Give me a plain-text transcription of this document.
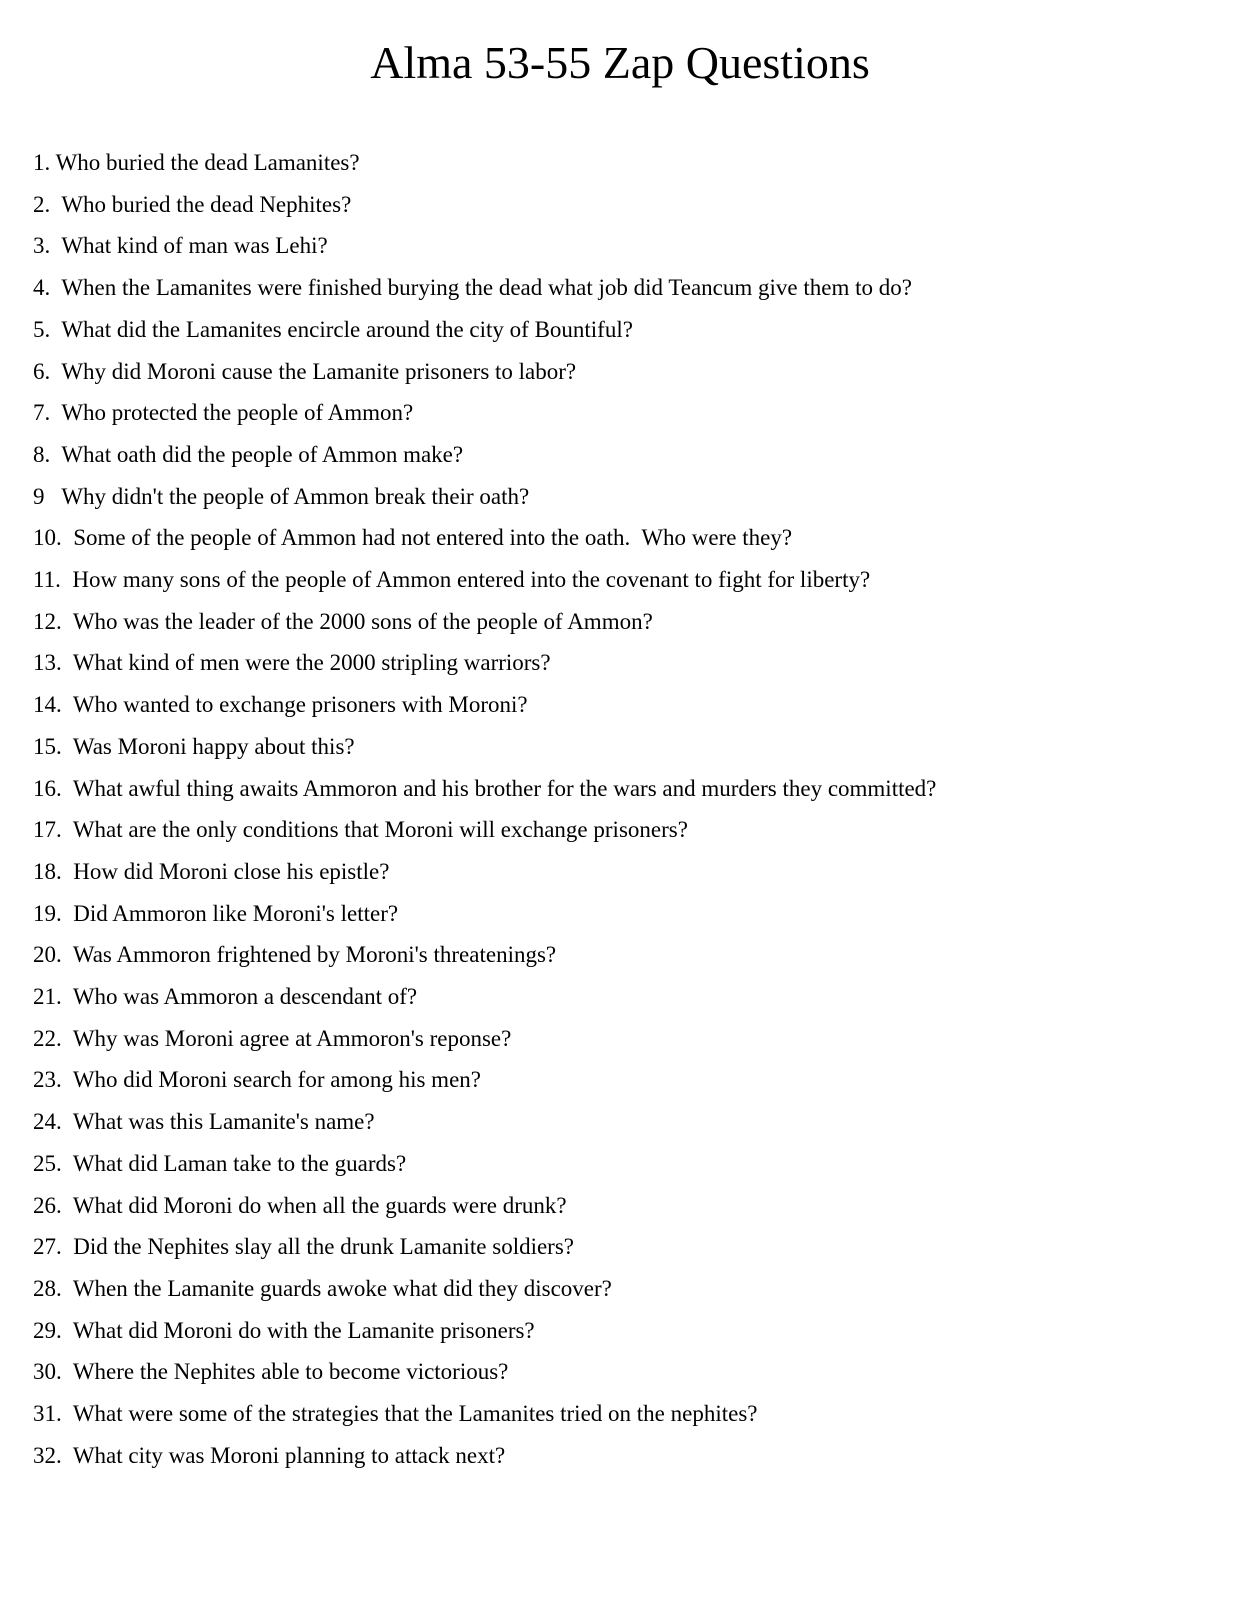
Alma 53-55 Zap Questions
1. Who buried the dead Lamanites?
2.  Who buried the dead Nephites?
3.  What kind of man was Lehi?
4.  When the Lamanites were finished burying the dead what job did Teancum give them to do?
5.  What did the Lamanites encircle around the city of Bountiful?
6.  Why did Moroni cause the Lamanite prisoners to labor?
7.  Who protected the people of Ammon?
8.  What oath did the people of Ammon make?
9   Why didn't the people of Ammon break their oath?
10.  Some of the people of Ammon had not entered into the oath.  Who were they?
11.  How many sons of the people of Ammon entered into the covenant to fight for liberty?
12.  Who was the leader of the 2000 sons of the people of Ammon?
13.  What kind of men were the 2000 stripling warriors?
14.  Who wanted to exchange prisoners with Moroni?
15.  Was Moroni happy about this?
16.  What awful thing awaits Ammoron and his brother for the wars and murders they committed?
17.  What are the only conditions that Moroni will exchange prisoners?
18.  How did Moroni close his epistle?
19.  Did Ammoron like Moroni's letter?
20.  Was Ammoron frightened by Moroni's threatenings?
21.  Who was Ammoron a descendant of?
22.  Why was Moroni agree at Ammoron's reponse?
23.  Who did Moroni search for among his men?
24.  What was this Lamanite's name?
25.  What did Laman take to the guards?
26.  What did Moroni do when all the guards were drunk?
27.  Did the Nephites slay all the drunk Lamanite soldiers?
28.  When the Lamanite guards awoke what did they discover?
29.  What did Moroni do with the Lamanite prisoners?
30.  Where the Nephites able to become victorious?
31.  What were some of the strategies that the Lamanites tried on the nephites?
32.  What city was Moroni planning to attack next?
